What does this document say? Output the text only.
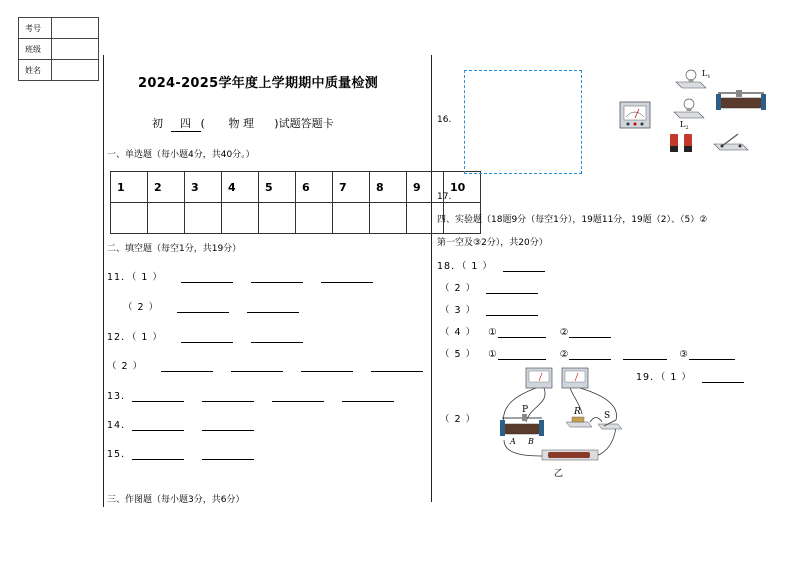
考号	
班级	
姓名	
2024-2025学年度上学期期中质量检测
初 四 ( 物 理 )试题答题卡
一、单选题（每小题4分，共40分。）
1	2	3	4	5	6	7	8	9	10

二、填空题（每空1分，共19分）
11．（ 1 ）
（ 2 ）
12．（ 1 ）
（ 2 ）
13．
14．
15．
三、作图题（每小题3分，共6分）
16.
$L_1$
$L_2$
17.
四、实验题（18题9分（每空1分），19题11分，19题（2）、（5）②
第一空及③2分），共20分）
18．（ 1 ）
（ 2 ）
（ 3 ）
（ 4 ） ①	②
（ 5 ） ①	②	③
19．（ 1 ）
（ 2 ）
P
A B
R	S
乙
